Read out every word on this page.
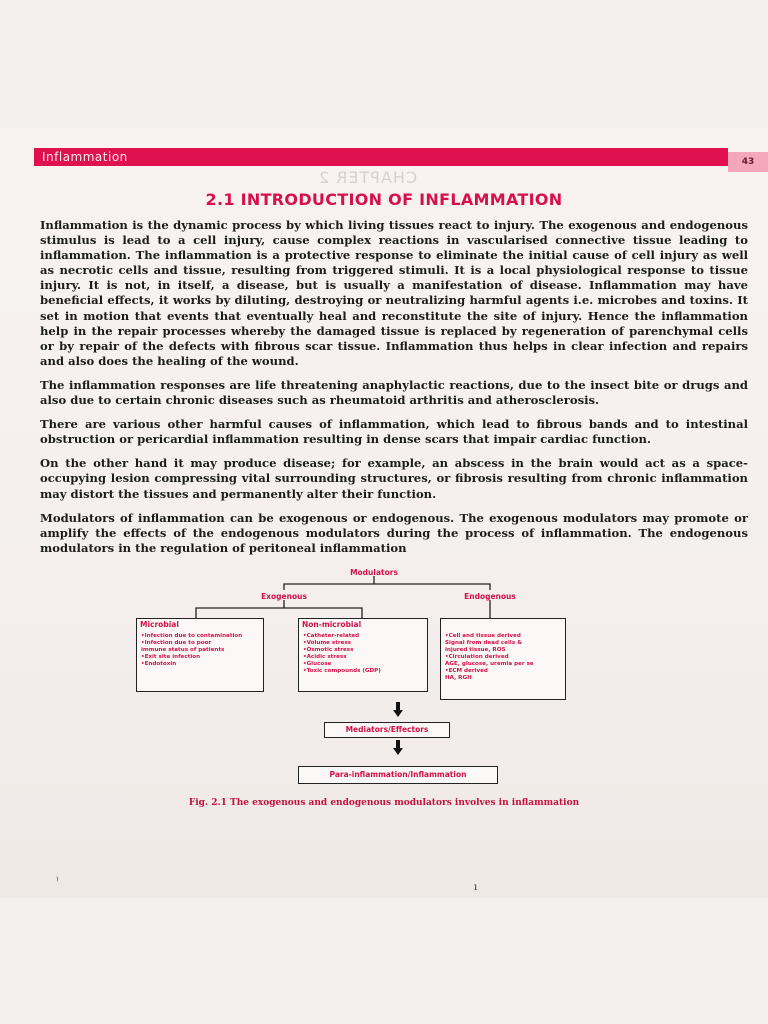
Inflammation	43
CHAPTER 2
2.1 INTRODUCTION OF INFLAMMATION

Inflammation is the dynamic process by which living tissues react to injury. The exogenous and endogenous stimulus is lead to a cell injury, cause complex reactions in vascularised connective tissue leading to inflammation. The inflammation is a protective response to eliminate the initial cause of cell injury as well as necrotic cells and tissue, resulting from triggered stimuli. It is a local physiological response to tissue injury. It is not, in itself, a disease, but is usually a manifestation of disease. Inflammation may have beneficial effects, it works by diluting, destroying or neutralizing harmful agents i.e. microbes and toxins. It set in motion that events that eventually heal and reconstitute the site of injury. Hence the inflammation help in the repair processes whereby the damaged tissue is replaced by regeneration of parenchymal cells or by repair of the defects with fibrous scar tissue. Inflammation thus helps in clear infection and repairs and also does the healing of the wound.

The inflammation responses are life threatening anaphylactic reactions, due to the insect bite or drugs and also due to certain chronic diseases such as rheumatoid arthritis and atherosclerosis.

There are various other harmful causes of inflammation, which lead to fibrous bands and to intestinal obstruction or pericardial inflammation resulting in dense scars that impair cardiac function.

On the other hand it may produce disease; for example, an abscess in the brain would act as a space-occupying lesion compressing vital surrounding structures, or fibrosis resulting from chronic inflammation may distort the tissues and permanently alter their function.

Modulators of inflammation can be exogenous or endogenous. The exogenous modulators may promote or amplify the effects of the endogenous modulators during the process of inflammation. The endogenous modulators in the regulation of peritoneal inflammation

Modulators
Exogenous	Endogenous
Microbial
•Infection due to contamination
•Infection due to poor
immune status of patients
•Exit site infection
•Endotoxin
Non-microbial
•Catheter-related
•Volume stress
•Osmotic stress
•Acidic stress
•Glucose
•Toxic compounds (GDP)
•Cell and tissue derived
Signal from dead cells &
injured tissue, ROS
•Circulation derived
AGE, glucose, uremia per se
•ECM derived
HA, RGH
Mediators/Effectors
Para-inflammation/Inflammation
Fig. 2.1 The exogenous and endogenous modulators involves in inflammation
⁾
ı
